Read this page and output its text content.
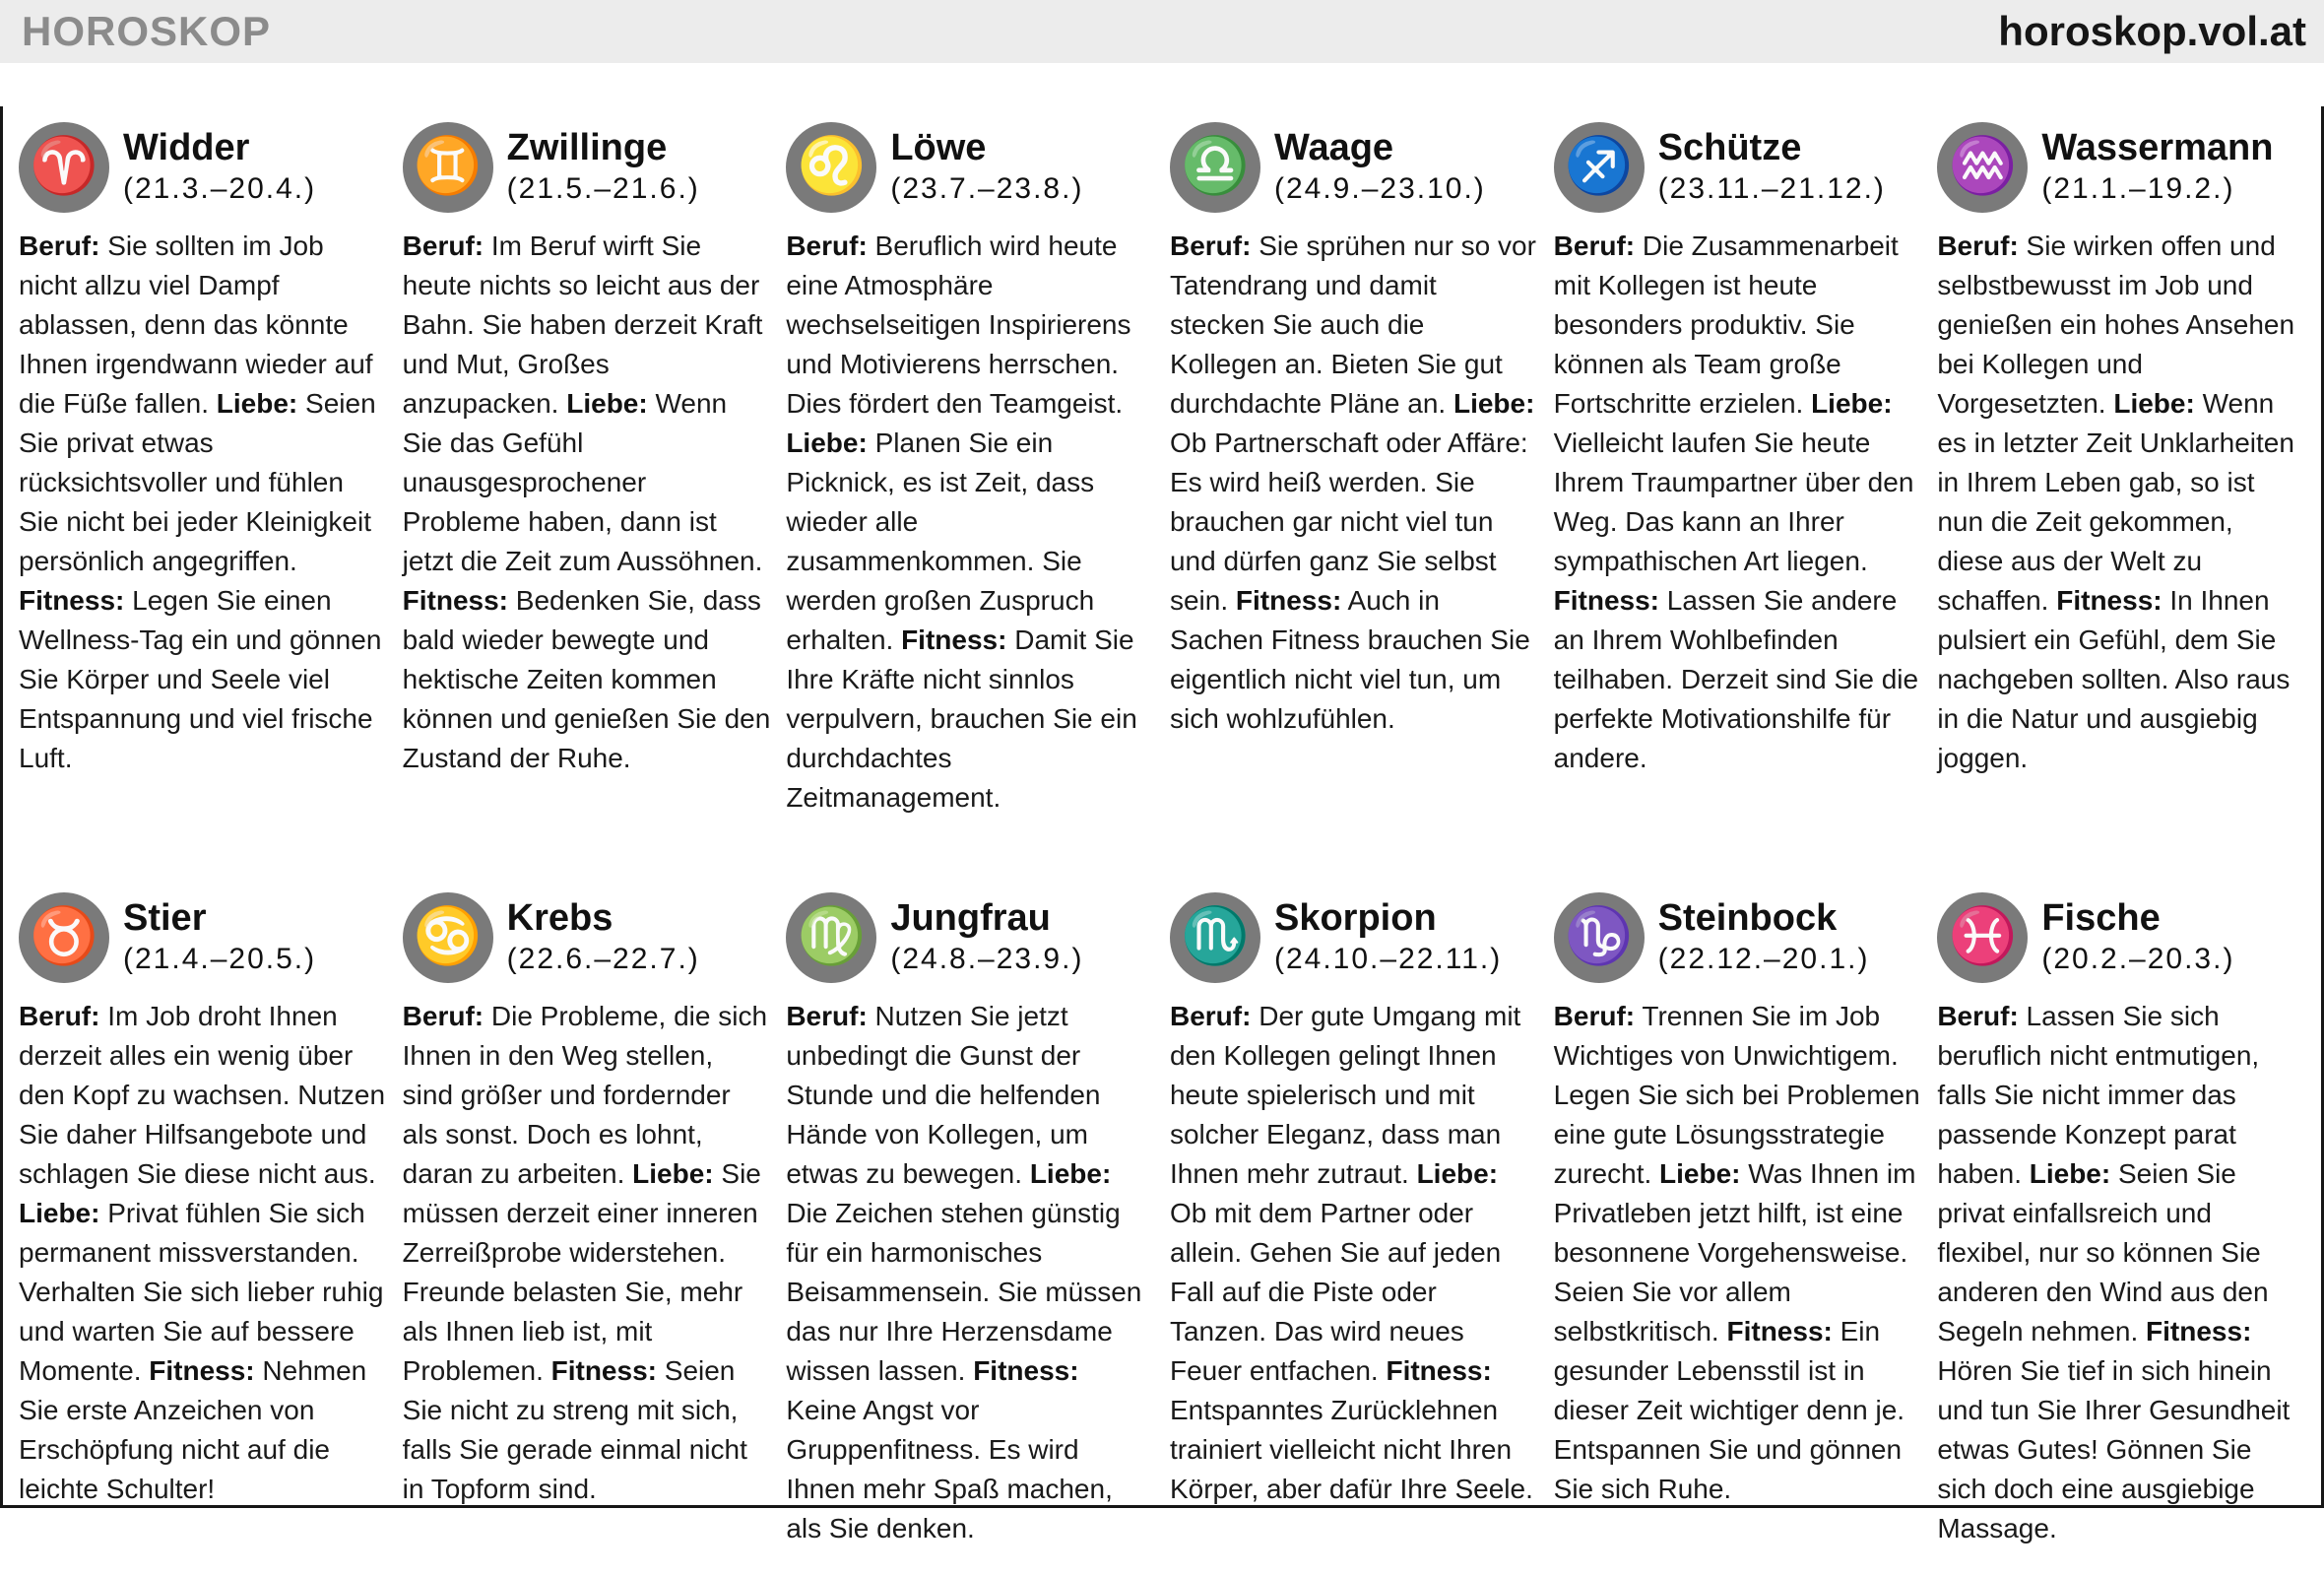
HOROSKOP	horoskop.vol.at
♈ Widder
(21.3.–20.4.)

Beruf: Sie sollten im Job nicht allzu viel Dampf ablassen, denn das könnte Ihnen irgendwann wieder auf die Füße fallen. Liebe: Seien Sie privat etwas rücksichtsvoller und fühlen Sie nicht bei jeder Kleinigkeit persönlich angegriffen. Fitness: Legen Sie einen Wellness-Tag ein und gönnen Sie Körper und Seele viel Entspannung und viel frische Luft.

♊ Zwillinge
(21.5.–21.6.)

Beruf: Im Beruf wirft Sie heute nichts so leicht aus der Bahn. Sie haben derzeit Kraft und Mut, Großes anzupacken. Liebe: Wenn Sie das Gefühl unausgesprochener Probleme haben, dann ist jetzt die Zeit zum Aussöhnen. Fitness: Bedenken Sie, dass bald wieder bewegte und hektische Zeiten kommen können und genießen Sie den Zustand der Ruhe.

♌ Löwe
(23.7.–23.8.)

Beruf: Beruflich wird heute eine Atmosphäre wechselseitigen Inspirierens und Motivierens herrschen. Dies fördert den Teamgeist. Liebe: Planen Sie ein Picknick, es ist Zeit, dass wieder alle zusammenkommen. Sie werden großen Zuspruch erhalten. Fitness: Damit Sie Ihre Kräfte nicht sinnlos verpulvern, brauchen Sie ein durchdachtes Zeitmanagement.

♎ Waage
(24.9.–23.10.)

Beruf: Sie sprühen nur so vor Tatendrang und damit stecken Sie auch die Kollegen an. Bieten Sie gut durchdachte Pläne an. Liebe: Ob Partnerschaft oder Affäre: Es wird heiß werden. Sie brauchen gar nicht viel tun und dürfen ganz Sie selbst sein. Fitness: Auch in Sachen Fitness brauchen Sie eigentlich nicht viel tun, um sich wohlzufühlen.

♐ Schütze
(23.11.–21.12.)

Beruf: Die Zusammenarbeit mit Kollegen ist heute besonders produktiv. Sie können als Team große Fortschritte erzielen. Liebe: Vielleicht laufen Sie heute Ihrem Traumpartner über den Weg. Das kann an Ihrer sympathischen Art liegen. Fitness: Lassen Sie andere an Ihrem Wohlbefinden teilhaben. Derzeit sind Sie die perfekte Motivationshilfe für andere.

♒ Wassermann
(21.1.–19.2.)

Beruf: Sie wirken offen und selbstbewusst im Job und genießen ein hohes Ansehen bei Kollegen und Vorgesetzten. Liebe: Wenn es in letzter Zeit Unklarheiten in Ihrem Leben gab, so ist nun die Zeit gekommen, diese aus der Welt zu schaffen. Fitness: In Ihnen pulsiert ein Gefühl, dem Sie nachgeben sollten. Also raus in die Natur und ausgiebig joggen.

♉ Stier
(21.4.–20.5.)

Beruf: Im Job droht Ihnen derzeit alles ein wenig über den Kopf zu wachsen. Nutzen Sie daher Hilfsangebote und schlagen Sie diese nicht aus. Liebe: Privat fühlen Sie sich permanent missverstanden. Verhalten Sie sich lieber ruhig und warten Sie auf bessere Momente. Fitness: Nehmen Sie erste Anzeichen von Erschöpfung nicht auf die leichte Schulter!

♋ Krebs
(22.6.–22.7.)

Beruf: Die Probleme, die sich Ihnen in den Weg stellen, sind größer und fordernder als sonst. Doch es lohnt, daran zu arbeiten. Liebe: Sie müssen derzeit einer inneren Zerreißprobe widerstehen. Freunde belasten Sie, mehr als Ihnen lieb ist, mit Problemen. Fitness: Seien Sie nicht zu streng mit sich, falls Sie gerade einmal nicht in Topform sind.

♍ Jungfrau
(24.8.–23.9.)

Beruf: Nutzen Sie jetzt unbedingt die Gunst der Stunde und die helfenden Hände von Kollegen, um etwas zu bewegen. Liebe: Die Zeichen stehen günstig für ein harmonisches Beisammensein. Sie müssen das nur Ihre Herzensdame wissen lassen. Fitness: Keine Angst vor Gruppenfitness. Es wird Ihnen mehr Spaß machen, als Sie denken.

♏ Skorpion
(24.10.–22.11.)

Beruf: Der gute Umgang mit den Kollegen gelingt Ihnen heute spielerisch und mit solcher Eleganz, dass man Ihnen mehr zutraut. Liebe: Ob mit dem Partner oder allein. Gehen Sie auf jeden Fall auf die Piste oder Tanzen. Das wird neues Feuer entfachen. Fitness: Entspanntes Zurücklehnen trainiert vielleicht nicht Ihren Körper, aber dafür Ihre Seele.

♑ Steinbock
(22.12.–20.1.)

Beruf: Trennen Sie im Job Wichtiges von Unwichtigem. Legen Sie sich bei Problemen eine gute Lösungsstrategie zurecht. Liebe: Was Ihnen im Privatleben jetzt hilft, ist eine besonnene Vorgehensweise. Seien Sie vor allem selbstkritisch. Fitness: Ein gesunder Lebensstil ist in dieser Zeit wichtiger denn je. Entspannen Sie und gönnen Sie sich Ruhe.

♓ Fische
(20.2.–20.3.)

Beruf: Lassen Sie sich beruflich nicht entmutigen, falls Sie nicht immer das passende Konzept parat haben. Liebe: Seien Sie privat einfallsreich und flexibel, nur so können Sie anderen den Wind aus den Segeln nehmen. Fitness: Hören Sie tief in sich hinein und tun Sie Ihrer Gesundheit etwas Gutes! Gönnen Sie sich doch eine ausgiebige Massage.
